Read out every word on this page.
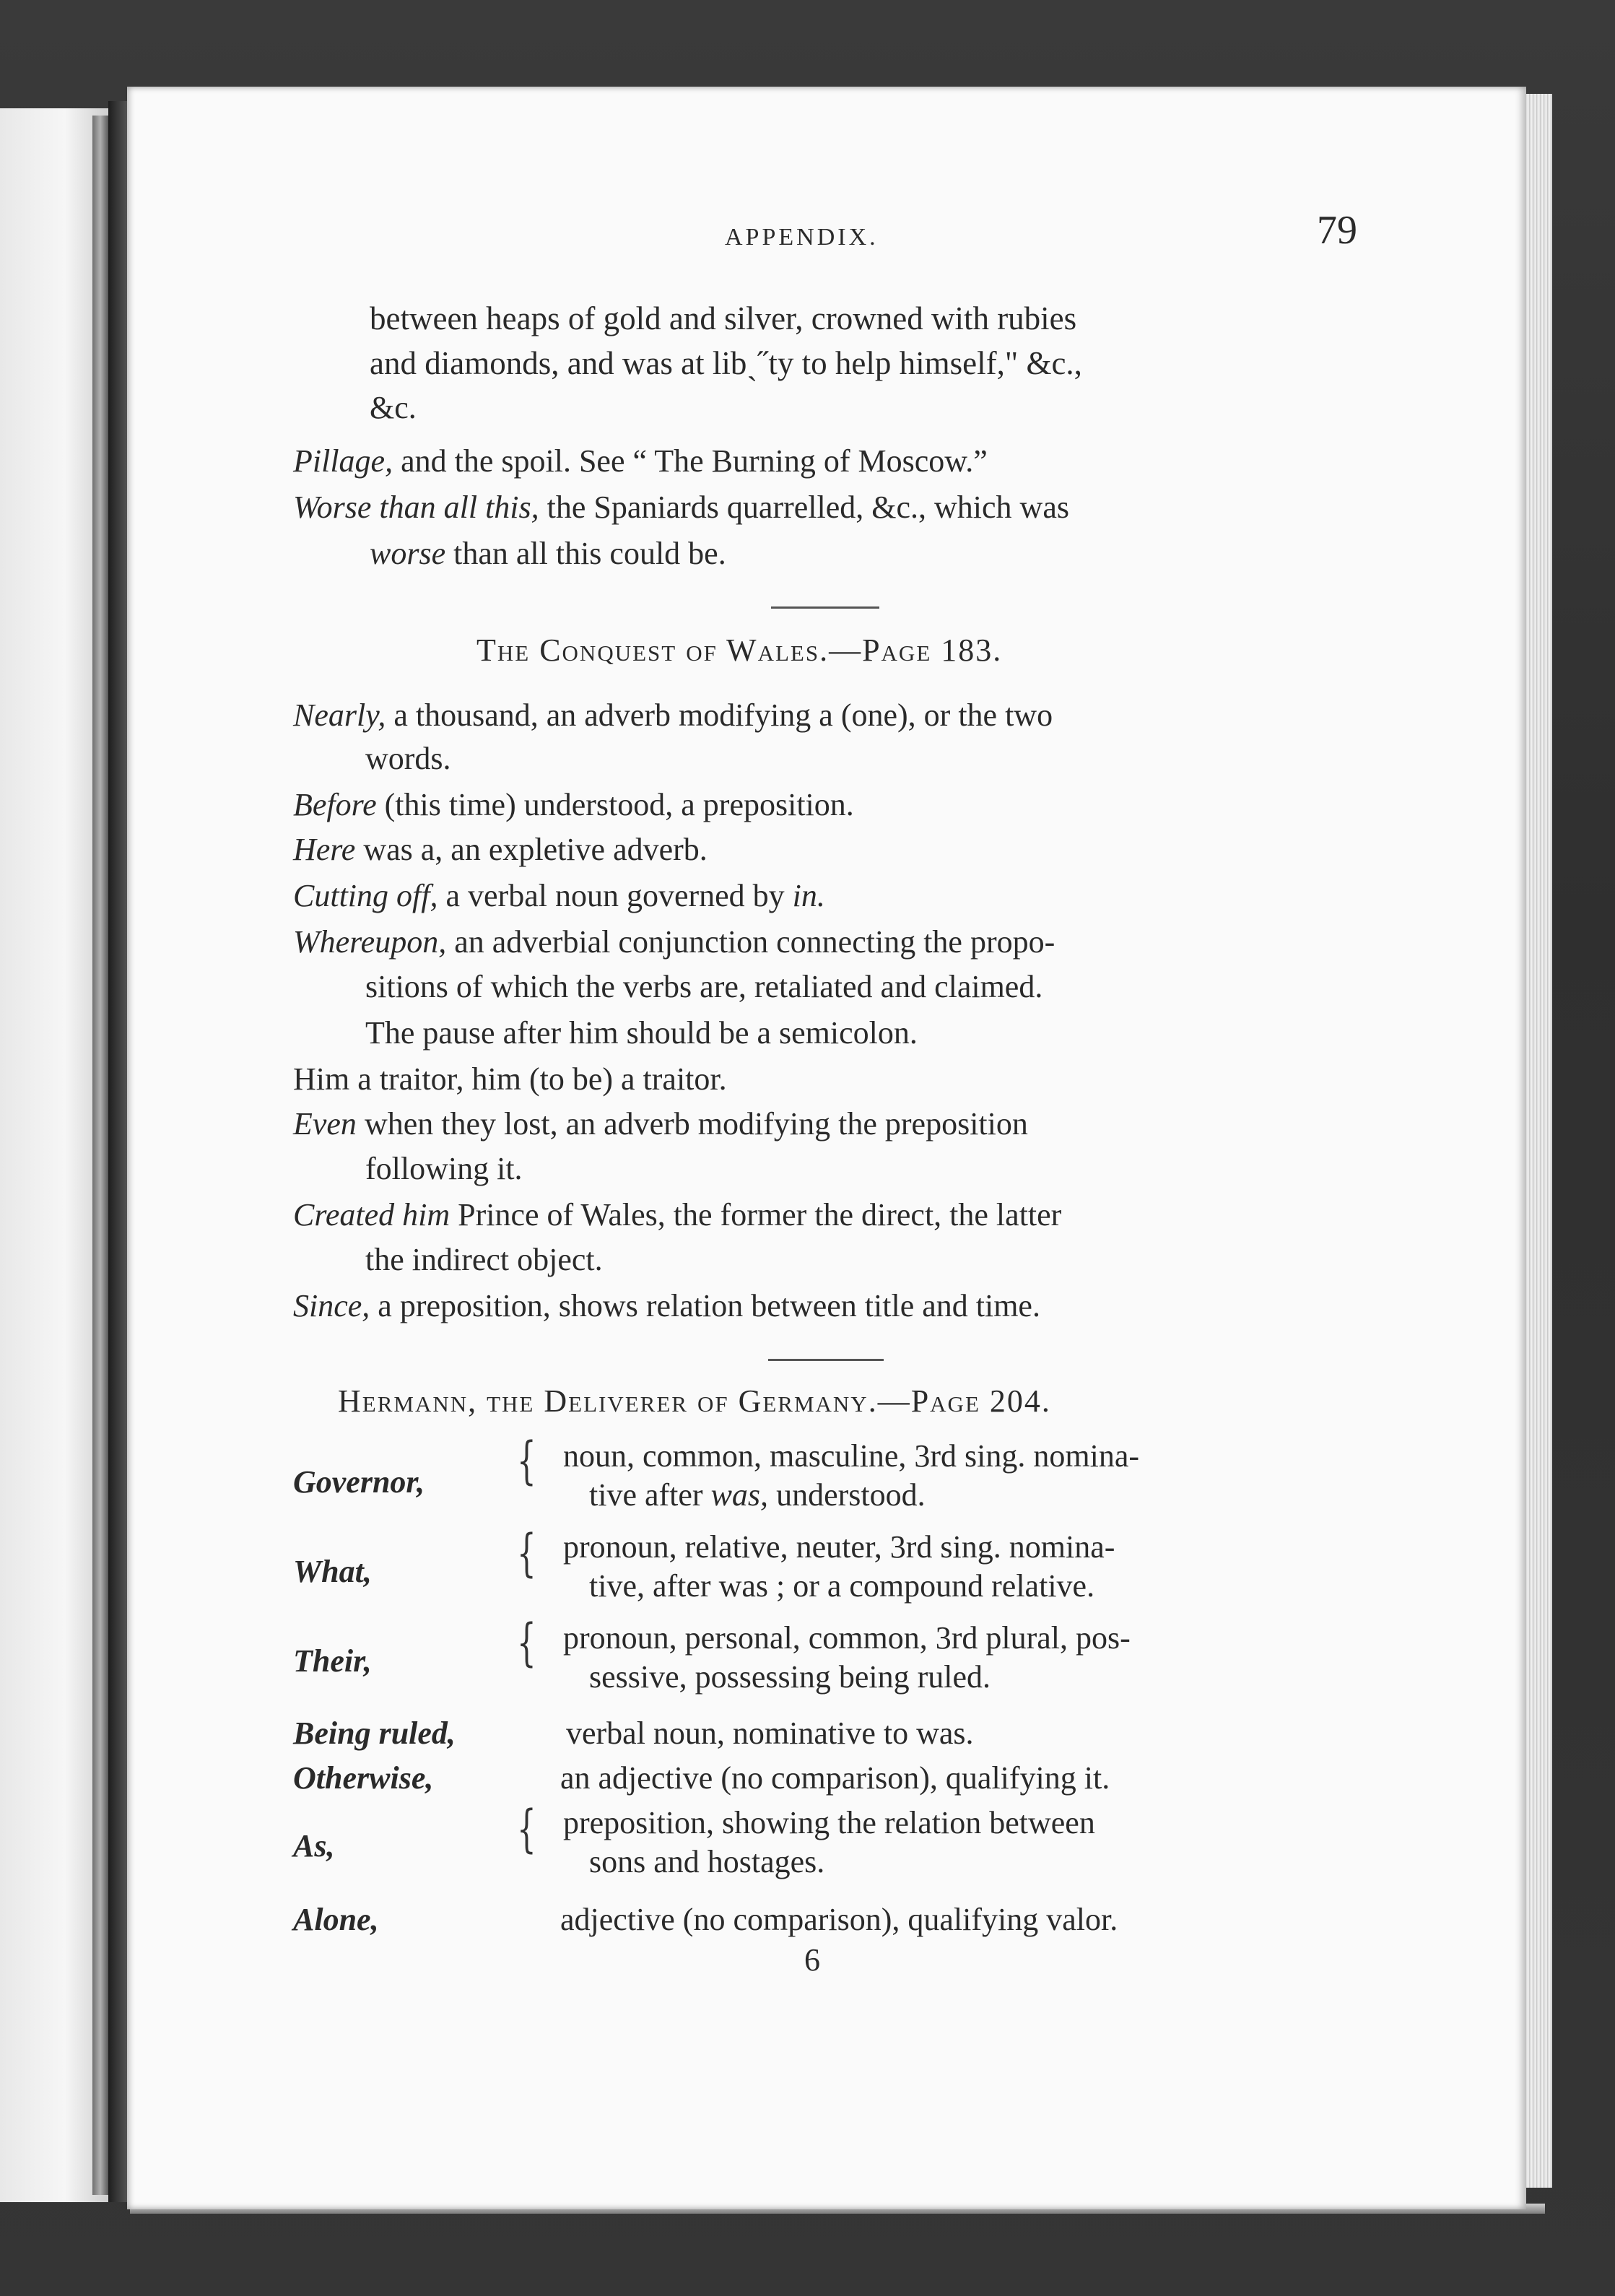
APPENDIX.	79
between heaps of gold and silver, crowned with rubies
and diamonds, and was at libˏ˝ty to help himself," &c.,
&c.
Pillage, and the spoil. See “ The Burning of Moscow.”
Worse than all this, the Spaniards quarrelled, &c., which was
worse than all this could be.
The Conquest of Wales.—Page 183.
Nearly, a thousand, an adverb modifying a (one), or the two
words.
Before (this time) understood, a preposition.
Here was a, an expletive adverb.
Cutting off, a verbal noun governed by in.
Whereupon, an adverbial conjunction connecting the propo-
sitions of which the verbs are, retaliated and claimed.
The pause after him should be a semicolon.
Him a traitor, him (to be) a traitor.
Even when they lost, an adverb modifying the preposition
following it.
Created him Prince of Wales, the former the direct, the latter
the indirect object.
Since, a preposition, shows relation between title and time.
Hermann, the Deliverer of Germany.—Page 204.
Governor, { noun, common, masculine, 3rd sing. nomina-
tive after was, understood.
What,	{ pronoun, relative, neuter, 3rd sing. nomina-
tive, after was ; or a compound relative.
Their,	{ pronoun, personal, common, 3rd plural, pos-
sessive, possessing being ruled.
Being ruled,	verbal noun, nominative to was.
Otherwise,	an adjective (no comparison), qualifying it.
As,	{ preposition, showing the relation between
sons and hostages.
Alone,	adjective (no comparison), qualifying valor.
6
